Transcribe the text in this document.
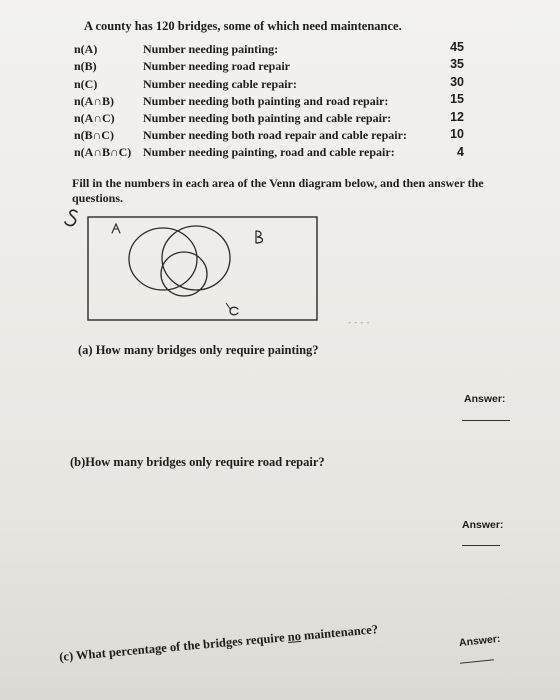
A county has 120 bridges, some of which need maintenance.
n(A)	Number needing painting:	45
n(B)	Number needing road repair	35
n(C)	Number needing cable repair:	30
n(A∩B) Number needing both painting and road repair:	15
n(A∩C) Number needing both painting and cable repair:	12
n(B∩C) Number needing both road repair and cable repair:	10
n(A∩B∩C) Number needing painting, road and cable repair:	4
Fill in the numbers in each area of the Venn diagram below, and then answer the questions.
- - - -
(a) How many bridges only require painting?
Answer:
(b)How many bridges only require road repair?
Answer:
(c) What percentage of the bridges require no maintenance?	Answer:
